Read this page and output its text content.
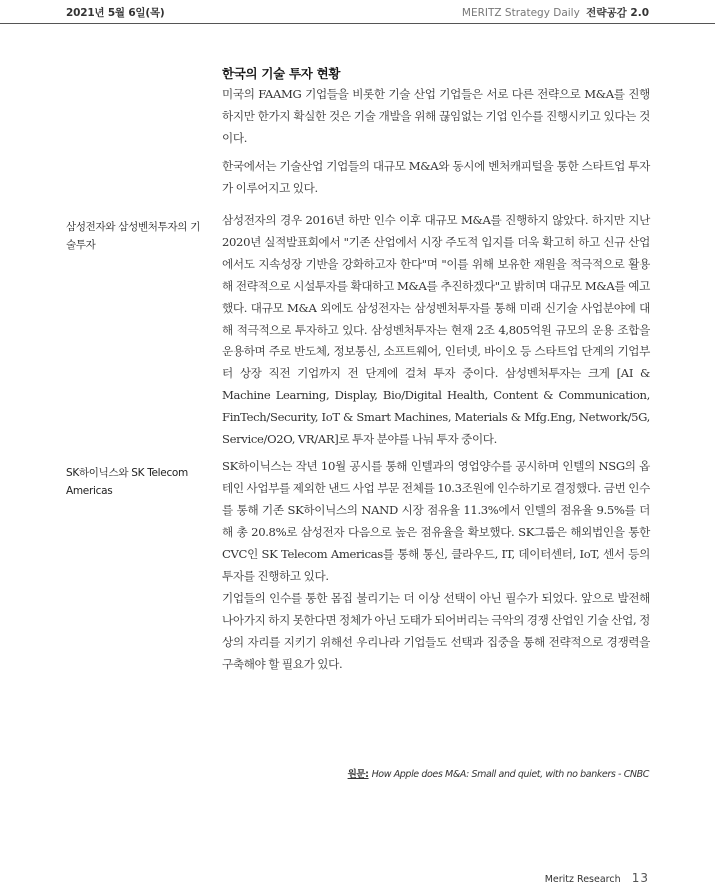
2021년 5월 6일(목)	MERITZ Strategy Daily 전략공감 2.0
한국의 기술 투자 현황

미국의 FAAMG 기업들을 비롯한 기술 산업 기업들은 서로 다른 전략으로 M&A를 진행하지만 한가지 확실한 것은 기술 개발을 위해 끊임없는 기업 인수를 진행시키고 있다는 것이다.

한국에서는 기술산업 기업들의 대규모 M&A와 동시에 벤처캐피털을 통한 스타트업 투자가 이루어지고 있다.

삼성전자의 경우 2016년 하만 인수 이후 대규모 M&A를 진행하지 않았다. 하지만 지난 2020년 실적발표회에서 "기존 산업에서 시장 주도적 입지를 더욱 확고히 하고 신규 산업에서도 지속성장 기반을 강화하고자 한다"며 "이를 위해 보유한 재원을 적극적으로 활용해 전략적으로 시설투자를 확대하고 M&A를 추진하겠다"고 밝히며 대규모 M&A를 예고했다. 대규모 M&A 외에도 삼성전자는 삼성벤처투자를 통해 미래 신기술 사업분야에 대해 적극적으로 투자하고 있다. 삼성벤처투자는 현재 2조 4,805억원 규모의 운용 조합을 운용하며 주로 반도체, 정보통신, 소프트웨어, 인터넷, 바이오 등 스타트업 단계의 기업부터 상장 직전 기업까지 전 단계에 걸쳐 투자 중이다. 삼성벤처투자는 크게 [AI & Machine Learning, Display, Bio/Digital Health, Content & Communication, FinTech/Security, IoT & Smart Machines, Materials & Mfg.Eng, Network/5G, Service/O2O, VR/AR]로 투자 분야를 나눠 투자 중이다.

SK하이닉스는 작년 10월 공시를 통해 인텔과의 영업양수를 공시하며 인텔의 NSG의 옵테인 사업부를 제외한 낸드 사업 부문 전체를 10.3조원에 인수하기로 결정했다. 금번 인수를 통해 기존 SK하이닉스의 NAND 시장 점유율 11.3%에서 인텔의 점유율 9.5%를 더해 총 20.8%로 삼성전자 다음으로 높은 점유율을 확보했다. SK그룹은 해외법인을 통한 CVC인 SK Telecom Americas를 통해 통신, 클라우드, IT, 데이터센터, IoT, 센서 등의 투자를 진행하고 있다.

기업들의 인수를 통한 몸집 불리기는 더 이상 선택이 아닌 필수가 되었다. 앞으로 발전해 나아가지 하지 못한다면 정체가 아닌 도태가 되어버리는 극악의 경쟁 산업인 기술 산업, 정상의 자리를 지키기 위해선 우리나라 기업들도 선택과 집중을 통해 전략적으로 경쟁력을 구축해야 할 필요가 있다.

삼성전자와 삼성벤처투자의 기술투자
SK하이닉스와 SK Telecom Americas
원문: How Apple does M&A: Small and quiet, with no bankers - CNBC
Meritz Research 13
